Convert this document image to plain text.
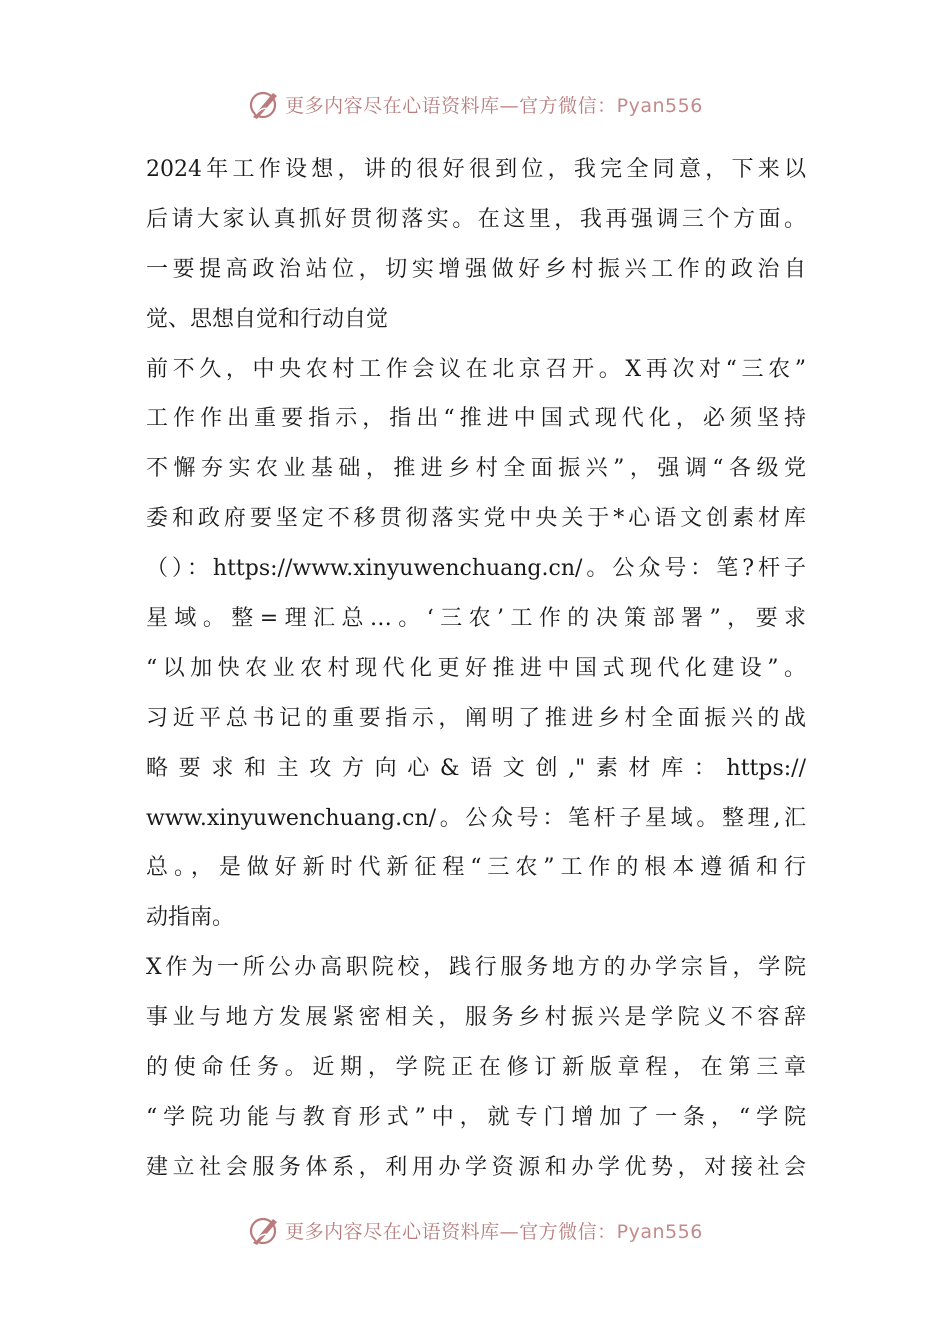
更多内容尽在心语资料库—官方微信：Pyan556
2024年工作设想，讲的很好很到位，我完全同意，下来以
后请大家认真抓好贯彻落实。在这里，我再强调三个方面。
一要提高政治站位，切实增强做好乡村振兴工作的政治自
觉、思想自觉和行动自觉
前不久，中央农村工作会议在北京召开。X再次对“三农”
工作作出重要指示，指出“推进中国式现代化，必须坚持
不懈夯实农业基础，推进乡村全面振兴”，强调“各级党
委和政府要坚定不移贯彻落实党中央关于*心语文创素材库
（）：https://www.xinyuwenchuang.cn/。公众号：笔?杆子
星域。整=理汇总…。‘三农’工作的决策部署”，要求
“以加快农业农村现代化更好推进中国式现代化建设”。
习近平总书记的重要指示，阐明了推进乡村全面振兴的战
略要求和主攻方向心&语文创,"素材库：https://
www.xinyuwenchuang.cn/。公众号：笔杆子星域。整理,汇
总。，是做好新时代新征程“三农”工作的根本遵循和行
动指南。
X作为一所公办高职院校，践行服务地方的办学宗旨，学院
事业与地方发展紧密相关，服务乡村振兴是学院义不容辞
的使命任务。近期，学院正在修订新版章程，在第三章
“学院功能与教育形式”中，就专门增加了一条，“学院
建立社会服务体系，利用办学资源和办学优势，对接社会
更多内容尽在心语资料库—官方微信：Pyan556
